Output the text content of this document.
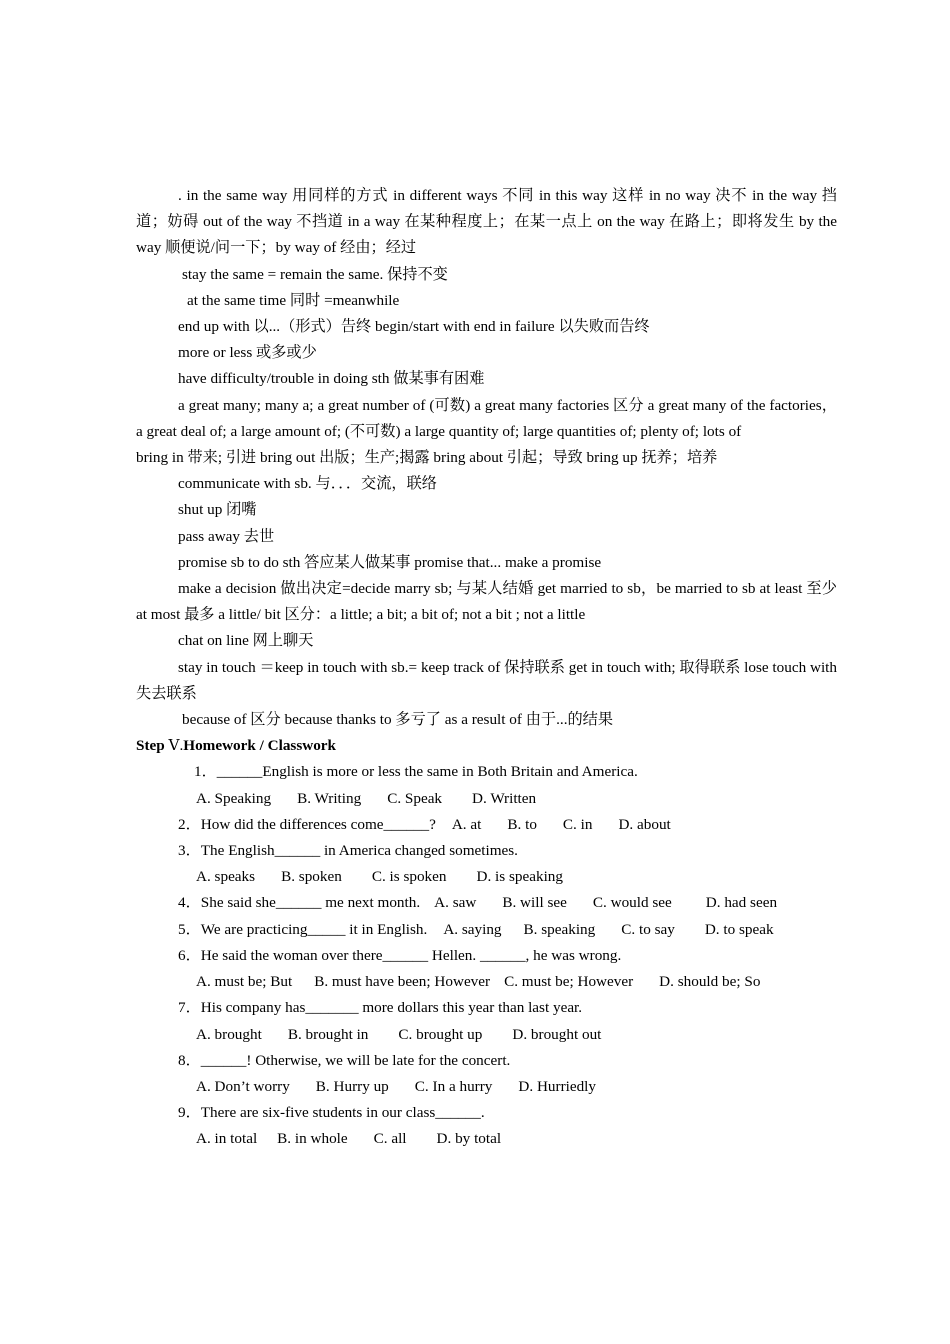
. in the same way 用同样的方式 in different ways 不同 in this way 这样 in no way 决不 in the way 挡道；妨碍 out of the way 不挡道 in a way 在某种程度上；在某一点上 on the way 在路上；即将发生 by the way 顺便说/问一下；by way of 经由；经过
stay the same = remain the same. 保持不变
at the same time 同时 =meanwhile
end up with 以...（形式）告终 begin/start with end in failure 以失败而告终
more or less 或多或少
have difficulty/trouble in doing sth 做某事有困难
a great many; many a; a great number of (可数) a great many factories 区分 a great many of the factories，a great deal of; a large amount of; (不可数) a large quantity of; large quantities of; plenty of; lots of
bring in 带来; 引进 bring out 出版；生产;揭露 bring about 引起；导致 bring up 抚养；培养
communicate with sb. 与．．．交流，联络
shut up 闭嘴
pass away 去世
promise sb to do sth 答应某人做某事 promise that... make a promise
make a decision 做出决定=decide marry sb; 与某人结婚 get married to sb，be married to sb at least 至少 at most 最多 a little/ bit 区分：a little; a bit; a bit of; not a bit ; not a little
chat on line 网上聊天
stay in touch ＝keep in touch with sb.= keep track of 保持联系 get in touch with; 取得联系 lose touch with 失去联系
because of 区分 because thanks to 多亏了 as a result of 由于...的结果
Step Ⅴ.Homework / Classwork
1．______English is more or less the same in Both Britain and America.
A. Speaking B. Writing C. Speak D. Written
2．How did the differences come______? A. at B. to C. in D. about
3．The English______ in America changed sometimes.
A. speaks B. spoken C. is spoken D. is speaking
4．She said she______ me next month. A. saw B. will see C. would see D. had seen
5．We are practicing_____ it in English. A. saying B. speaking C. to say D. to speak
6．He said the woman over there______ Hellen. ______, he was wrong.
A. must be; But B. must have been; However C. must be; However D. should be; So
7．His company has_______ more dollars this year than last year.
A. brought B. brought in C. brought up D. brought out
8．______! Otherwise, we will be late for the concert.
A. Don’t worry B. Hurry up C. In a hurry D. Hurriedly
9．There are six-five students in our class______.
A. in total B. in whole C. all D. by total
